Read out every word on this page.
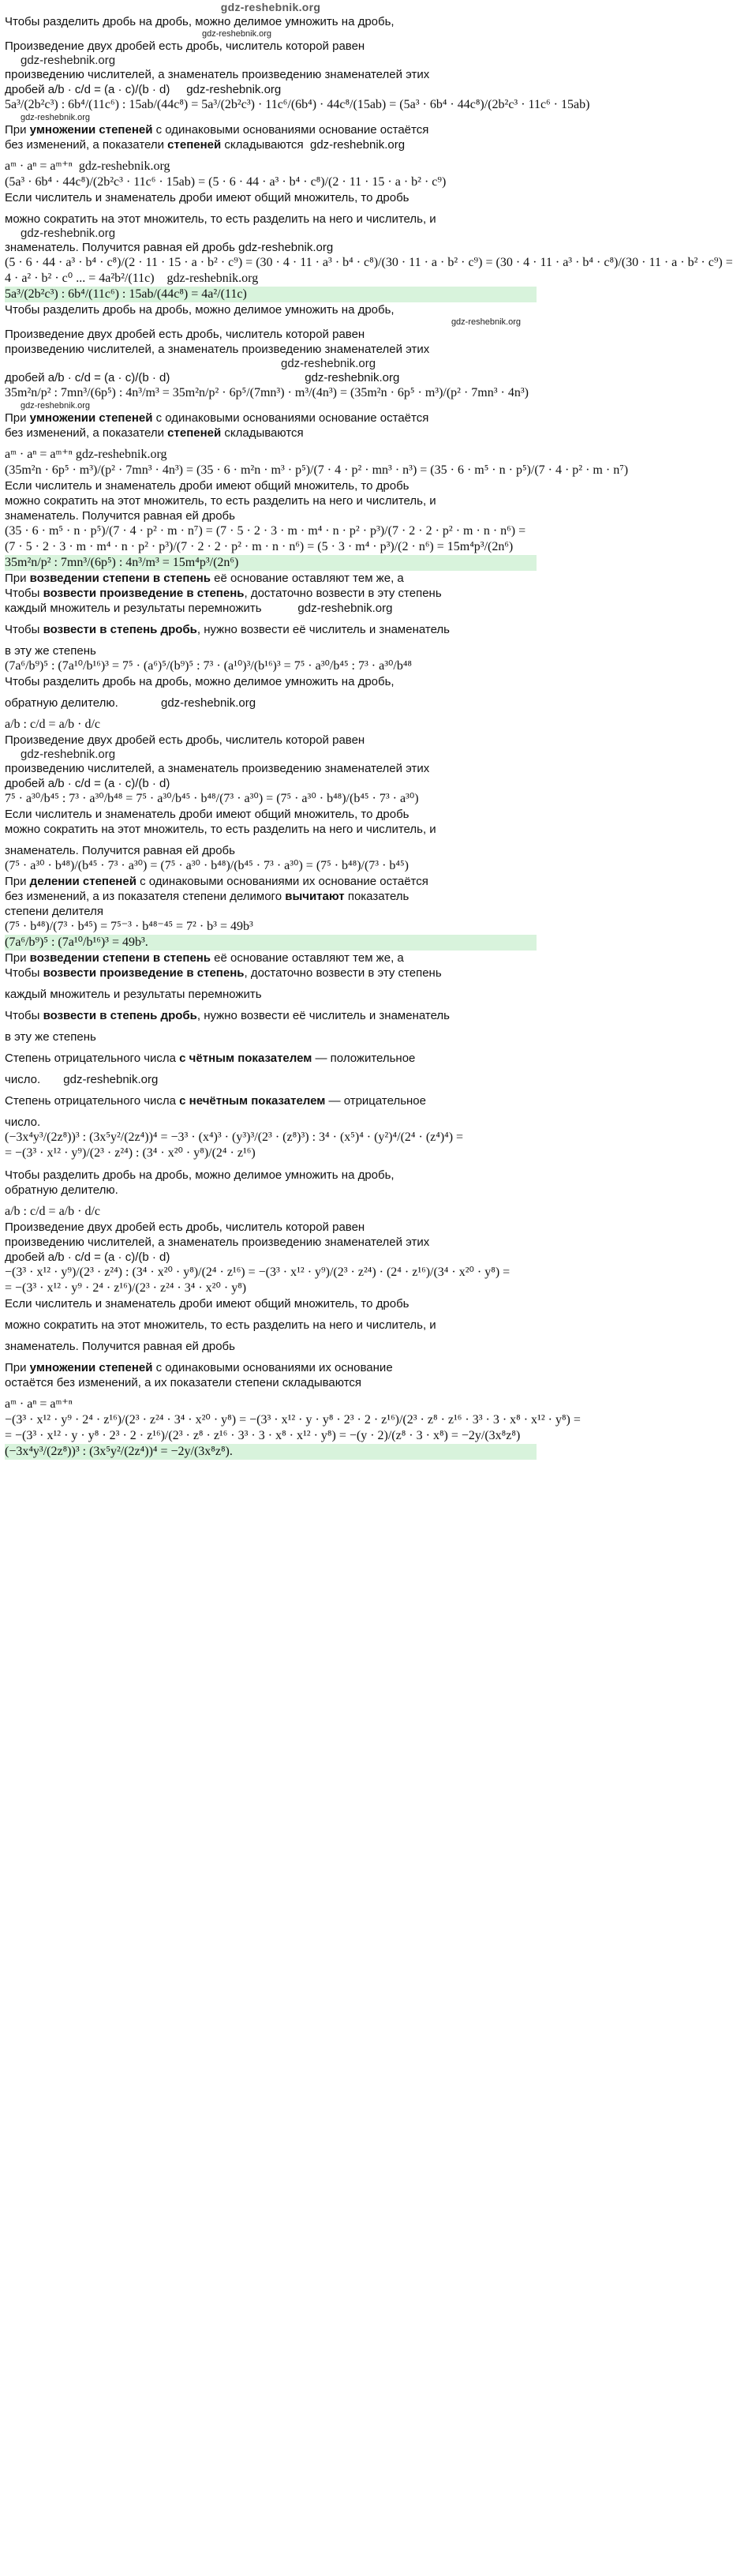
gdz-reshebnik.org
Чтобы разделить дробь на дробь, можно делимое умножить на дробь,
gdz-reshebnik.org
Произведение двух дробей есть дробь, числитель которой равен
gdz-reshebnik.org
произведению числителей, а знаменатель произведению знаменателей этих
дробей a/b · c/d = (a · c)/(b · d)     gdz-reshebnik.org
5a³/(2b²c³) : 6b⁴/(11c⁶) : 15ab/(44c⁸) = 5a³/(2b²c³) · 11c⁶/(6b⁴) · 44c⁸/(15ab) = (5a³ · 6b⁴ · 44c⁸)/(2b²c³ · 11c⁶ · 15ab)
gdz-reshebnik.org
При умножении степеней с одинаковыми основаниями основание остаётся
без изменений, а показатели степеней складываются  gdz-reshebnik.org
aᵐ · aⁿ = aᵐ⁺ⁿ  gdz-reshebnik.org
(5a³ · 6b⁴ · 44c⁸)/(2b²c³ · 11c⁶ · 15ab) = (5 · 6 · 44 · a³ · b⁴ · c⁸)/(2 · 11 · 15 · a · b² · c⁹)
Если числитель и знаменатель дроби имеют общий множитель, то дробь
можно сократить на этот множитель, то есть разделить на него и числитель, и
gdz-reshebnik.org
знаменатель. Получится равная ей дробь gdz-reshebnik.org
(5 · 6 · 44 · a³ · b⁴ · c⁸)/(2 · 11 · 15 · a · b² · c⁹) = (30 · 4 · 11 · a³ · b⁴ · c⁸)/(30 · 11 · a · b² · c⁹) = (30 · 4 · 11 · a³ · b⁴ · c⁸)/(30 · 11 · a · b² · c⁹) =
4 · a² · b² · c⁰ ... = 4a²b²/(11c)    gdz-reshebnik.org
5a³/(2b²c³) : 6b⁴/(11c⁶) : 15ab/(44c⁸) = 4a²/(11c)
Чтобы разделить дробь на дробь, можно делимое умножить на дробь,
gdz-reshebnik.org
Произведение двух дробей есть дробь, числитель которой равен
произведению числителей, а знаменатель произведению знаменателей этих
gdz-reshebnik.org
дробей a/b · c/d = (a · c)/(b · d)                                         gdz-reshebnik.org
35m²n/p² : 7mn³/(6p⁵) : 4n³/m³ = 35m²n/p² · 6p⁵/(7mn³) · m³/(4n³) = (35m²n · 6p⁵ · m³)/(p² · 7mn³ · 4n³)
gdz-reshebnik.org
При умножении степеней с одинаковыми основаниями основание остаётся
без изменений, а показатели степеней складываются
aᵐ · aⁿ = aᵐ⁺ⁿ gdz-reshebnik.org
(35m²n · 6p⁵ · m³)/(p² · 7mn³ · 4n³) = (35 · 6 · m²n · m³ · p⁵)/(7 · 4 · p² · mn³ · n³) = (35 · 6 · m⁵ · n · p⁵)/(7 · 4 · p² · m · n⁷)
Если числитель и знаменатель дроби имеют общий множитель, то дробь
можно сократить на этот множитель, то есть разделить на него и числитель, и
знаменатель. Получится равная ей дробь
(35 · 6 · m⁵ · n · p⁵)/(7 · 4 · p² · m · n⁷) = (7 · 5 · 2 · 3 · m · m⁴ · n · p² · p³)/(7 · 2 · 2 · p² · m · n · n⁶) =
(7 · 5 · 2 · 3 · m · m⁴ · n · p² · p³)/(7 · 2 · 2 · p² · m · n · n⁶) = (5 · 3 · m⁴ · p³)/(2 · n⁶) = 15m⁴p³/(2n⁶)
35m²n/p² : 7mn³/(6p⁵) : 4n³/m³ = 15m⁴p³/(2n⁶)
При возведении степени в степень её основание оставляют тем же, а
Чтобы возвести произведение в степень, достаточно возвести в эту степень
каждый множитель и результаты перемножить           gdz-reshebnik.org
Чтобы возвести в степень дробь, нужно возвести её числитель и знаменатель
в эту же степень
(7a⁶/b⁹)⁵ : (7a¹⁰/b¹⁶)³ = 7⁵ · (a⁶)⁵/(b⁹)⁵ : 7³ · (a¹⁰)³/(b¹⁶)³ = 7⁵ · a³⁰/b⁴⁵ : 7³ · a³⁰/b⁴⁸
Чтобы разделить дробь на дробь, можно делимое умножить на дробь,
обратную делителю.             gdz-reshebnik.org
a/b : c/d = a/b · d/c
Произведение двух дробей есть дробь, числитель которой равен
gdz-reshebnik.org
произведению числителей, а знаменатель произведению знаменателей этих
дробей a/b · c/d = (a · c)/(b · d)
7⁵ · a³⁰/b⁴⁵ : 7³ · a³⁰/b⁴⁸ = 7⁵ · a³⁰/b⁴⁵ · b⁴⁸/(7³ · a³⁰) = (7⁵ · a³⁰ · b⁴⁸)/(b⁴⁵ · 7³ · a³⁰)
Если числитель и знаменатель дроби имеют общий множитель, то дробь
можно сократить на этот множитель, то есть разделить на него и числитель, и
знаменатель. Получится равная ей дробь
(7⁵ · a³⁰ · b⁴⁸)/(b⁴⁵ · 7³ · a³⁰) = (7⁵ · a³⁰ · b⁴⁸)/(b⁴⁵ · 7³ · a³⁰) = (7⁵ · b⁴⁸)/(7³ · b⁴⁵)
При делении степеней с одинаковыми основаниями их основание остаётся
без изменений, а из показателя степени делимого вычитают показатель
степени делителя
(7⁵ · b⁴⁸)/(7³ · b⁴⁵) = 7⁵⁻³ · b⁴⁸⁻⁴⁵ = 7² · b³ = 49b³
(7a⁶/b⁹)⁵ : (7a¹⁰/b¹⁶)³ = 49b³.
При возведении степени в степень её основание оставляют тем же, а
Чтобы возвести произведение в степень, достаточно возвести в эту степень
каждый множитель и результаты перемножить
Чтобы возвести в степень дробь, нужно возвести её числитель и знаменатель
в эту же степень
Степень отрицательного числа с чётным показателем — положительное
число.       gdz-reshebnik.org
Степень отрицательного числа с нечётным показателем — отрицательное
число.
(−3x⁴y³/(2z⁸))³ : (3x⁵y²/(2z⁴))⁴ = −3³ · (x⁴)³ · (y³)³/(2³ · (z⁸)³) : 3⁴ · (x⁵)⁴ · (y²)⁴/(2⁴ · (z⁴)⁴) =
= −(3³ · x¹² · y⁹)/(2³ · z²⁴) : (3⁴ · x²⁰ · y⁸)/(2⁴ · z¹⁶)
Чтобы разделить дробь на дробь, можно делимое умножить на дробь,
обратную делителю.
a/b : c/d = a/b · d/c
Произведение двух дробей есть дробь, числитель которой равен
произведению числителей, а знаменатель произведению знаменателей этих
дробей a/b · c/d = (a · c)/(b · d)
−(3³ · x¹² · y⁹)/(2³ · z²⁴) : (3⁴ · x²⁰ · y⁸)/(2⁴ · z¹⁶) = −(3³ · x¹² · y⁹)/(2³ · z²⁴) · (2⁴ · z¹⁶)/(3⁴ · x²⁰ · y⁸) =
= −(3³ · x¹² · y⁹ · 2⁴ · z¹⁶)/(2³ · z²⁴ · 3⁴ · x²⁰ · y⁸)
Если числитель и знаменатель дроби имеют общий множитель, то дробь
можно сократить на этот множитель, то есть разделить на него и числитель, и
знаменатель. Получится равная ей дробь
При умножении степеней с одинаковыми основаниями их основание
остаётся без изменений, а их показатели степени складываются
aᵐ · aⁿ = aᵐ⁺ⁿ
−(3³ · x¹² · y⁹ · 2⁴ · z¹⁶)/(2³ · z²⁴ · 3⁴ · x²⁰ · y⁸) = −(3³ · x¹² · y · y⁸ · 2³ · 2 · z¹⁶)/(2³ · z⁸ · z¹⁶ · 3³ · 3 · x⁸ · x¹² · y⁸) =
= −(3³ · x¹² · y · y⁸ · 2³ · 2 · z¹⁶)/(2³ · z⁸ · z¹⁶ · 3³ · 3 · x⁸ · x¹² · y⁸) = −(y · 2)/(z⁸ · 3 · x⁸) = −2y/(3x⁸z⁸)
(−3x⁴y³/(2z⁸))³ : (3x⁵y²/(2z⁴))⁴ = −2y/(3x⁸z⁸).
